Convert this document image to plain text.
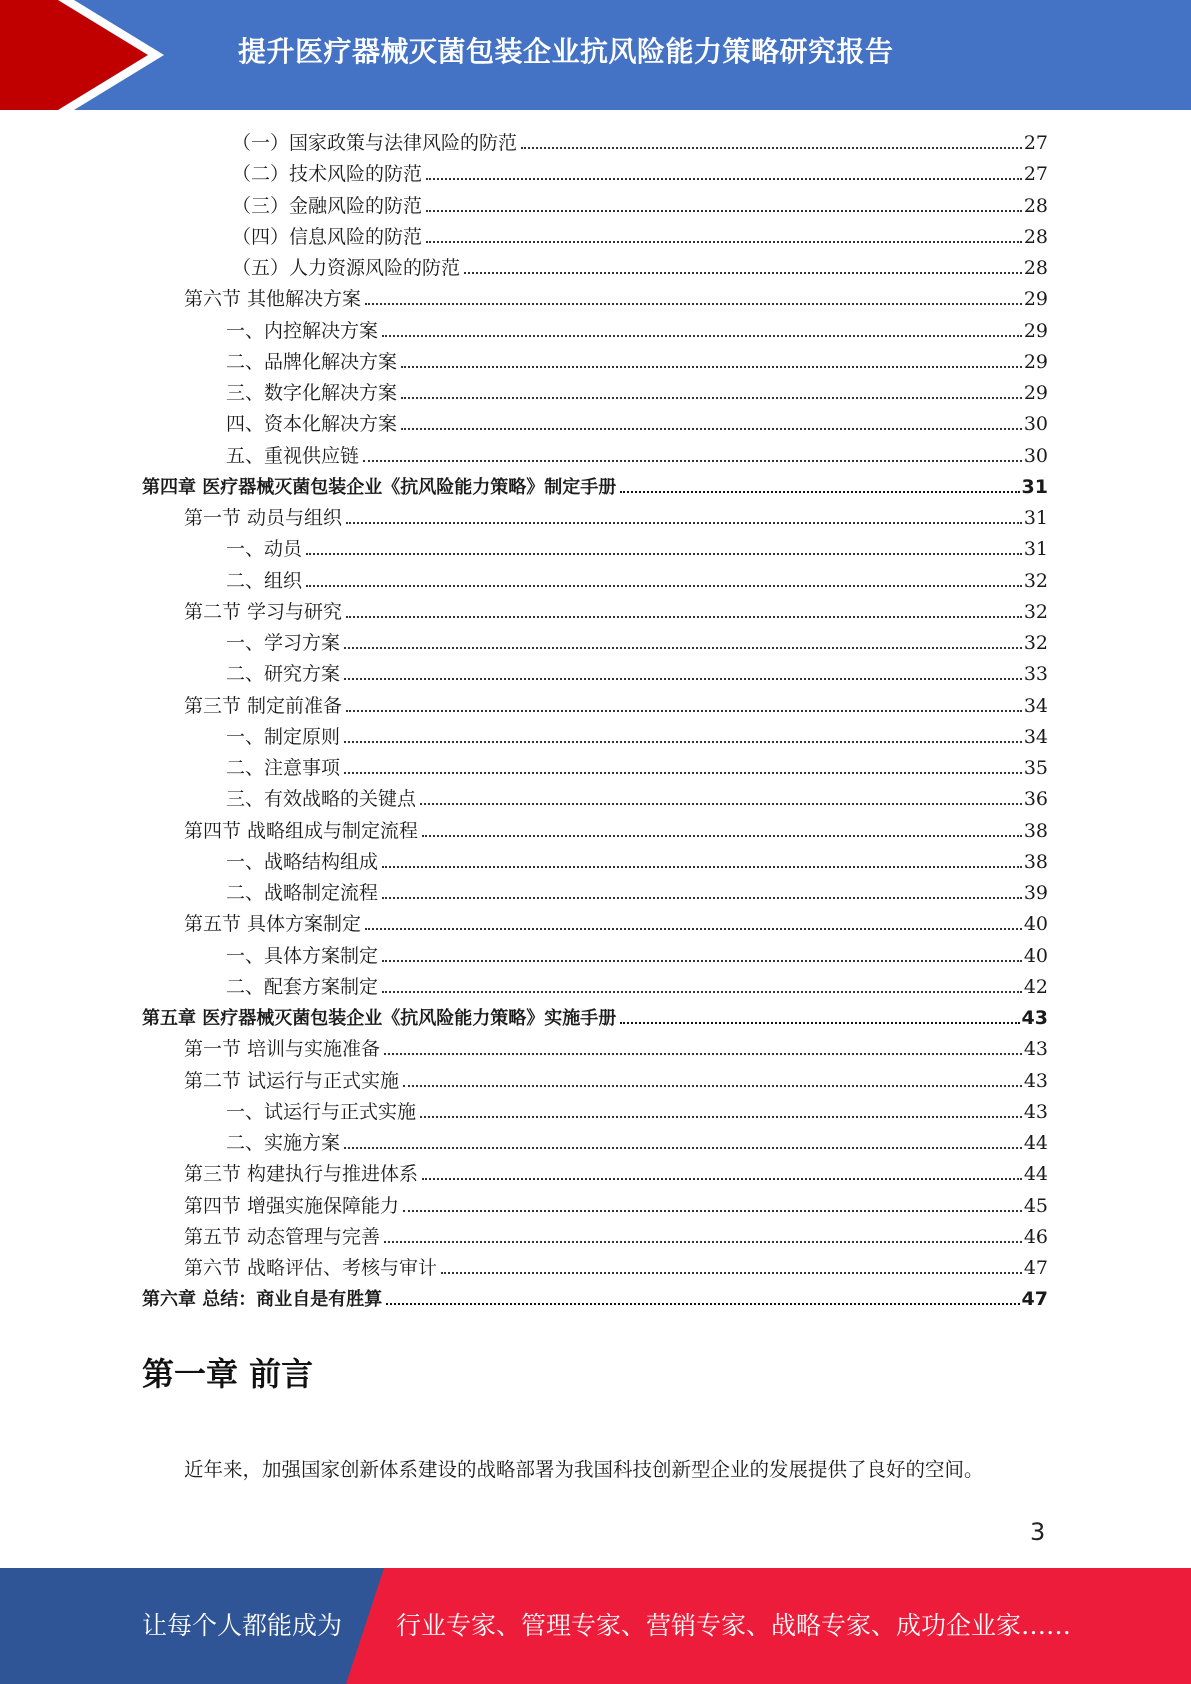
提升医疗器械灭菌包装企业抗风险能力策略研究报告
（一）国家政策与法律风险的防范	27
（二）技术风险的防范	27
（三）金融风险的防范	28
（四）信息风险的防范	28
（五）人力资源风险的防范	28
第六节 其他解决方案	29
一、内控解决方案	29
二、品牌化解决方案	29
三、数字化解决方案	29
四、资本化解决方案	30
五、重视供应链	30
第四章 医疗器械灭菌包装企业《抗风险能力策略》制定手册	31
第一节 动员与组织	31
一、动员	31
二、组织	32
第二节 学习与研究	32
一、学习方案	32
二、研究方案	33
第三节 制定前准备	34
一、制定原则	34
二、注意事项	35
三、有效战略的关键点	36
第四节 战略组成与制定流程	38
一、战略结构组成	38
二、战略制定流程	39
第五节 具体方案制定	40
一、具体方案制定	40
二、配套方案制定	42
第五章 医疗器械灭菌包装企业《抗风险能力策略》实施手册	43
第一节 培训与实施准备	43
第二节 试运行与正式实施	43
一、试运行与正式实施	43
二、实施方案	44
第三节 构建执行与推进体系	44
第四节 增强实施保障能力	45
第五节 动态管理与完善	46
第六节 战略评估、考核与审计	47
第六章 总结：商业自是有胜算	47
第一章 前言
近年来，加强国家创新体系建设的战略部署为我国科技创新型企业的发展提供了良好的空间。
3
让每个人都能成为 行业专家、管理专家、营销专家、战略专家、成功企业家……
